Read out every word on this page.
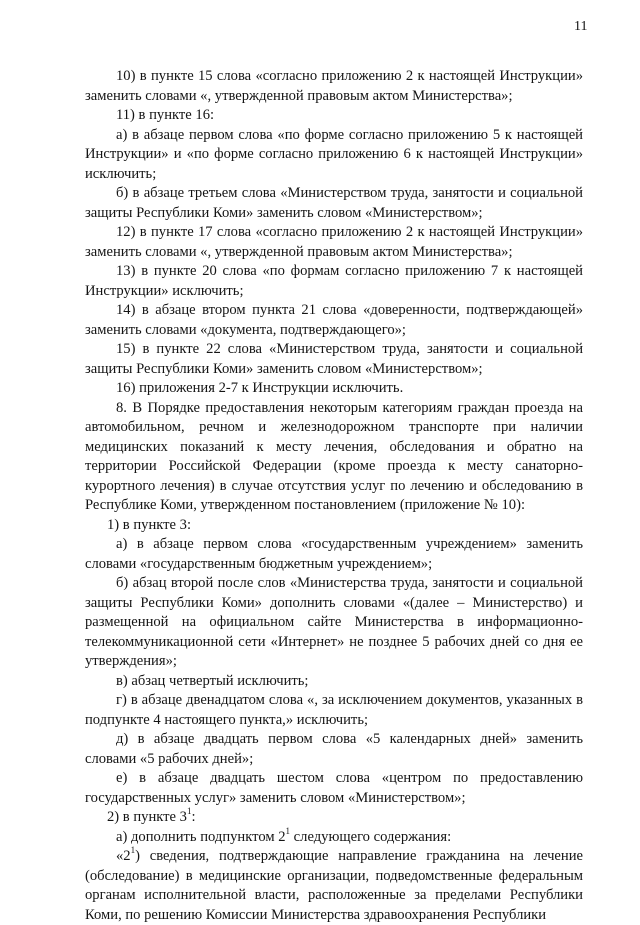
11

10) в пункте 15 слова «согласно приложению 2 к настоящей Инструкции» заменить словами «, утвержденной правовым актом Министерства»;

11) в пункте 16:

а) в абзаце первом слова «по форме согласно приложению 5 к настоящей Инструкции» и «по форме согласно приложению 6 к настоящей Инструкции» исключить;

б) в абзаце третьем слова «Министерством труда, занятости и социальной защиты Республики Коми» заменить словом «Министерством»;

12) в пункте 17 слова «согласно приложению 2 к настоящей Инструкции» заменить словами «, утвержденной правовым актом Министерства»;

13) в пункте 20 слова «по формам согласно приложению 7 к настоящей Инструкции» исключить;

14) в абзаце втором пункта 21 слова «доверенности, подтверждающей» заменить словами «документа, подтверждающего»;

15) в пункте 22 слова «Министерством труда, занятости и социальной защиты Республики Коми» заменить словом «Министерством»;

16) приложения 2-7 к Инструкции исключить.

8. В Порядке предоставления некоторым категориям граждан проезда на автомобильном, речном и железнодорожном транспорте при наличии медицинских показаний к месту лечения, обследования и обратно на территории Российской Федерации (кроме проезда к месту санаторно-курортного лечения) в случае отсутствия услуг по лечению и обследованию в Республике Коми, утвержденном постановлением (приложение № 10):

1) в пункте 3:

а) в абзаце первом слова «государственным учреждением» заменить словами «государственным бюджетным учреждением»;

б) абзац второй после слов «Министерства труда, занятости и социальной защиты Республики Коми» дополнить словами «(далее – Министерство) и размещенной на официальном сайте Министерства в информационно-телекоммуникационной сети «Интернет» не позднее 5 рабочих дней со дня ее утверждения»;

в) абзац четвертый исключить;

г) в абзаце двенадцатом слова «, за исключением документов, указанных в подпункте 4 настоящего пункта,» исключить;

д) в абзаце двадцать первом слова «5 календарных дней» заменить словами «5 рабочих дней»;

е) в абзаце двадцать шестом слова «центром по предоставлению государственных услуг» заменить словом «Министерством»;

2) в пункте $3^1$:

а) дополнить подпунктом $2^1$ следующего содержания:

«$2^1$) сведения, подтверждающие направление гражданина на лечение (обследование) в медицинские организации, подведомственные федеральным органам исполнительной власти, расположенные за пределами Республики Коми, по решению Комиссии Министерства здравоохранения Республики
